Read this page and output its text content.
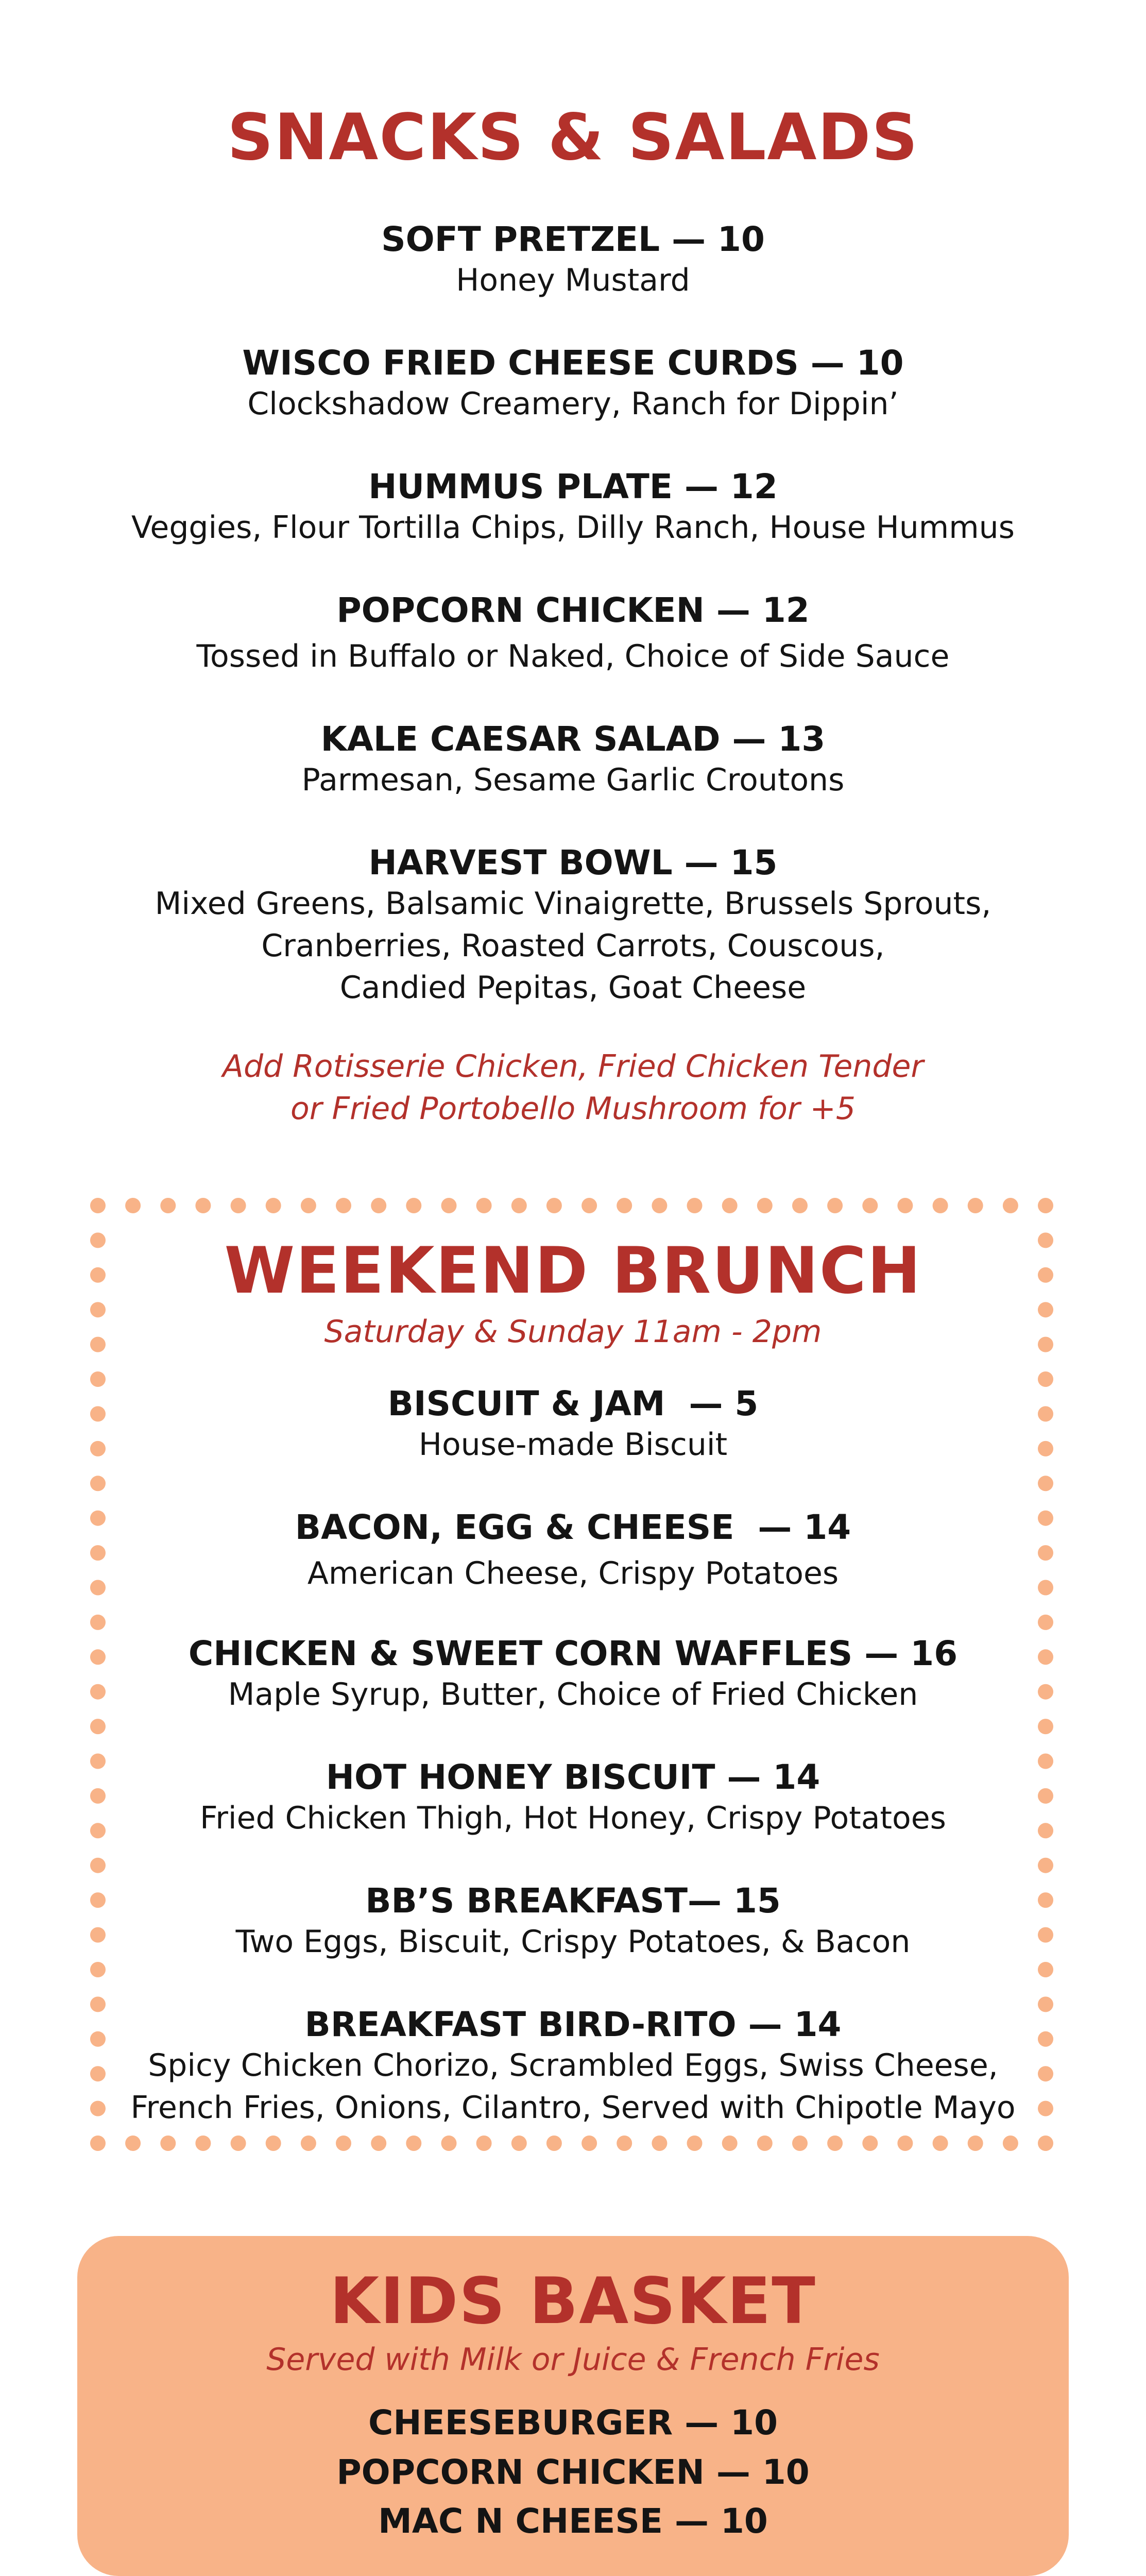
SNACKS & SALADS
SOFT PRETZEL — 10
Honey Mustard
WISCO FRIED CHEESE CURDS — 10
Clockshadow Creamery, Ranch for Dippin’
HUMMUS PLATE — 12
Veggies, Flour Tortilla Chips, Dilly Ranch, House Hummus
POPCORN CHICKEN — 12
Tossed in Buffalo or Naked, Choice of Side Sauce
KALE CAESAR SALAD — 13
Parmesan, Sesame Garlic Croutons
HARVEST BOWL — 15
Mixed Greens, Balsamic Vinaigrette, Brussels Sprouts,
Cranberries, Roasted Carrots, Couscous,
Candied Pepitas, Goat Cheese
Add Rotisserie Chicken, Fried Chicken Tender
or Fried Portobello Mushroom for +5
WEEKEND BRUNCH
Saturday & Sunday 11am - 2pm
BISCUIT & JAM  — 5
House-made Biscuit
BACON, EGG & CHEESE  — 14
American Cheese, Crispy Potatoes
CHICKEN & SWEET CORN WAFFLES — 16
Maple Syrup, Butter, Choice of Fried Chicken
HOT HONEY BISCUIT — 14
Fried Chicken Thigh, Hot Honey, Crispy Potatoes
BB’S BREAKFAST— 15
Two Eggs, Biscuit, Crispy Potatoes, & Bacon
BREAKFAST BIRD-RITO — 14
Spicy Chicken Chorizo, Scrambled Eggs, Swiss Cheese,
French Fries, Onions, Cilantro, Served with Chipotle Mayo
KIDS BASKET
Served with Milk or Juice & French Fries
CHEESEBURGER — 10
POPCORN CHICKEN — 10
MAC N CHEESE — 10
